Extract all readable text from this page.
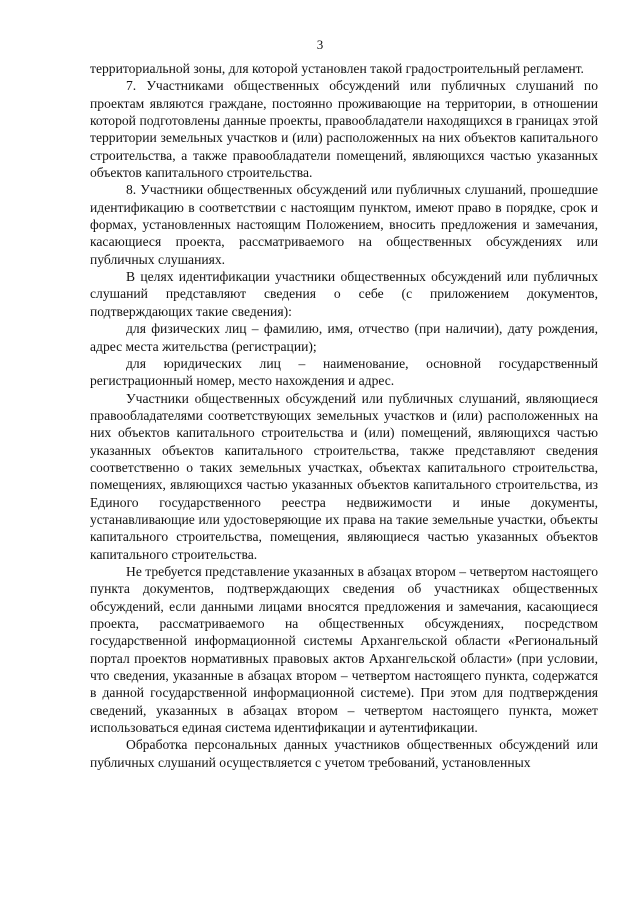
3

территориальной зоны, для которой установлен такой градостроительный регламент.

7. Участниками общественных обсуждений или публичных слушаний по проектам являются граждане, постоянно проживающие на территории, в отношении которой подготовлены данные проекты, правообладатели находящихся в границах этой территории земельных участков и (или) расположенных на них объектов капитального строительства, а также правообладатели помещений, являющихся частью указанных объектов капитального строительства.

8. Участники общественных обсуждений или публичных слушаний, прошедшие идентификацию в соответствии с настоящим пунктом, имеют право в порядке, срок и формах, установленных настоящим Положением, вносить предложения и замечания, касающиеся проекта, рассматриваемого на общественных обсуждениях или публичных слушаниях.

В целях идентификации участники общественных обсуждений или публичных слушаний представляют сведения о себе (с приложением документов, подтверждающих такие сведения):

для физических лиц – фамилию, имя, отчество (при наличии), дату рождения, адрес места жительства (регистрации);

для юридических лиц – наименование, основной государственный регистрационный номер, место нахождения и адрес.

Участники общественных обсуждений или публичных слушаний, являющиеся правообладателями соответствующих земельных участков и (или) расположенных на них объектов капитального строительства и (или) помещений, являющихся частью указанных объектов капитального строительства, также представляют сведения соответственно о таких земельных участках, объектах капитального строительства, помещениях, являющихся частью указанных объектов капитального строительства, из Единого государственного реестра недвижимости и иные документы, устанавливающие или удостоверяющие их права на такие земельные участки, объекты капитального строительства, помещения, являющиеся частью указанных объектов капитального строительства.

Не требуется представление указанных в абзацах втором – четвертом настоящего пункта документов, подтверждающих сведения об участниках общественных обсуждений, если данными лицами вносятся предложения и замечания, касающиеся проекта, рассматриваемого на общественных обсуждениях, посредством государственной информационной системы Архангельской области «Региональный портал проектов нормативных правовых актов Архангельской области» (при условии, что сведения, указанные в абзацах втором – четвертом настоящего пункта, содержатся в данной государственной информационной системе). При этом для подтверждения сведений, указанных в абзацах втором – четвертом настоящего пункта, может использоваться единая система идентификации и аутентификации.

Обработка персональных данных участников общественных обсуждений или публичных слушаний осуществляется с учетом требований, установленных
